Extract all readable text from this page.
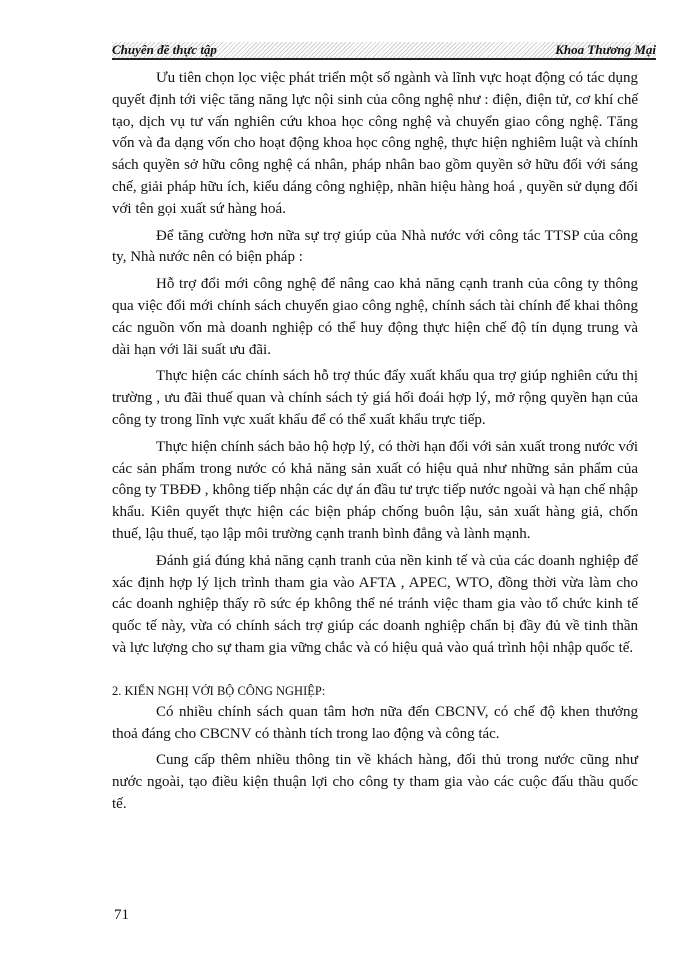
Chuyên đề thực tập	Khoa Thương Mại

Ưu tiên chọn lọc việc phát triển một số ngành và lĩnh vực hoạt động có tác dụng quyết định tới việc tăng năng lực nội sinh của công nghệ như : điện, điện tử, cơ khí chế tạo, dịch vụ tư vấn nghiên cứu khoa học công nghệ và chuyển giao công nghệ. Tăng vốn và đa dạng vốn cho hoạt động khoa học công nghệ, thực hiện nghiêm luật và chính sách quyền sở hữu công nghệ cá nhân, pháp nhân bao gồm quyền sở hữu đối với sáng chế, giải pháp hữu ích, kiểu dáng công nghiệp, nhãn hiệu hàng hoá , quyền sử dụng đối với tên gọi xuất sứ hàng hoá.

Để tăng cường hơn nữa sự trợ giúp của Nhà nước với công tác TTSP của công ty, Nhà nước nên có biện pháp :

Hỗ trợ đổi mới công nghệ để nâng cao khả năng cạnh tranh của công ty thông qua việc đổi mới chính sách chuyển giao công nghệ, chính sách tài chính để khai thông các nguồn vốn mà doanh nghiệp có thể huy động thực hiện chế độ tín dụng trung và dài hạn với lãi suất ưu đãi.

Thực hiện các chính sách hỗ trợ thúc đẩy xuất khẩu qua trợ giúp nghiên cứu thị trường , ưu đãi thuế quan và chính sách tỷ giá hối đoái hợp lý, mở rộng quyền hạn của công ty trong lĩnh vực xuất khẩu để có thể xuất khẩu trực tiếp.

Thực hiện chính sách bảo hộ hợp lý, có thời hạn đối với sản xuất trong nước với các sản phẩm trong nước có khả năng sản xuất có hiệu quả như những sản phẩm của công ty TBĐĐ , không tiếp nhận các dự án đầu tư trực tiếp nước ngoài và hạn chế nhập khẩu. Kiên quyết thực hiện các biện pháp chống buôn lậu, sản xuất hàng giả, chốn thuế, lậu thuế, tạo lập môi trường cạnh tranh bình đẳng và lành mạnh.

Đánh giá đúng khả năng cạnh tranh của nền kinh tế và của các doanh nghiệp để xác định hợp lý lịch trình tham gia vào AFTA , APEC, WTO, đồng thời vừa làm cho các doanh nghiệp thấy rõ sức ép không thể né tránh việc tham gia vào tổ chức kinh tế quốc tế này, vừa có chính sách trợ giúp các doanh nghiệp chẩn bị đầy đủ về tinh thần và lực lượng cho sự tham gia vững chắc và có hiệu quả vào quá trình hội nhập quốc tế.

2. KIẾN NGHỊ VỚI BỘ CÔNG NGHIỆP:

Có nhiều chính sách quan tâm hơn nữa đến CBCNV, có chế độ khen thưởng thoả đáng cho CBCNV có thành tích trong lao động và công tác.

Cung cấp thêm nhiều thông tin về khách hàng, đối thủ trong nước cũng như nước ngoài, tạo điều kiện thuận lợi cho công ty tham gia vào các cuộc đấu thầu quốc tế.

71
